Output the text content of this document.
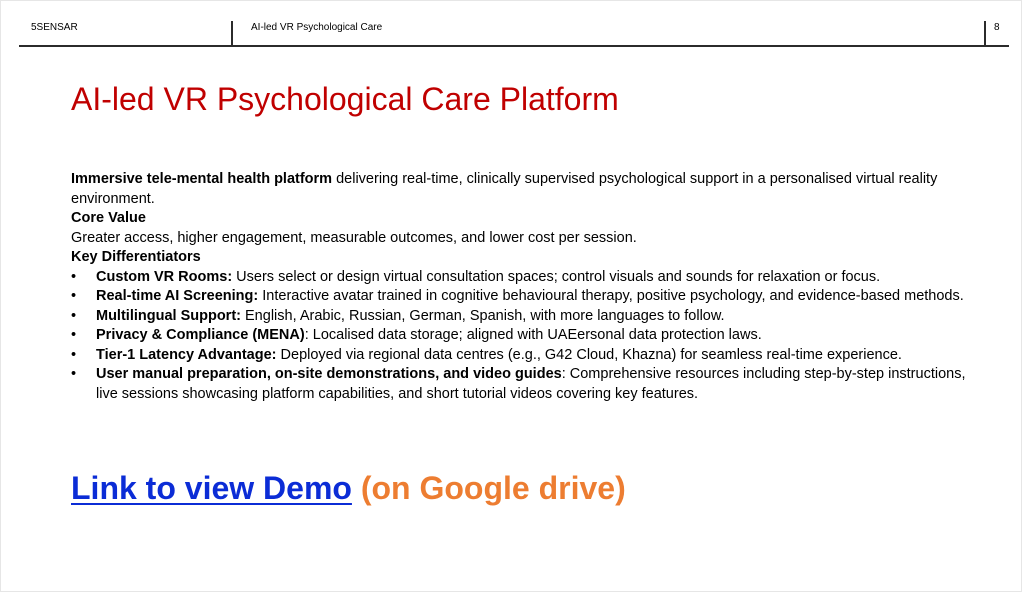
5SENSAR	AI-led VR Psychological Care	8
AI-led VR Psychological Care Platform

Immersive tele-mental health platform delivering real-time, clinically supervised psychological support in a personalised virtual reality environment.

Core Value

Greater access, higher engagement, measurable outcomes, and lower cost per session.

Key Differentiators

• Custom VR Rooms: Users select or design virtual consultation spaces; control visuals and sounds for relaxation or focus.
• Real-time AI Screening: Interactive avatar trained in cognitive behavioural therapy, positive psychology, and evidence-based methods.
• Multilingual Support: English, Arabic, Russian, German, Spanish, with more languages to follow.
• Privacy & Compliance (MENA): Localised data storage; aligned with UAEersonal data protection laws.
• Tier-1 Latency Advantage: Deployed via regional data centres (e.g., G42 Cloud, Khazna) for seamless real-time experience.
• User manual preparation, on-site demonstrations, and video guides: Comprehensive resources including step-by-step instructions, live sessions showcasing platform capabilities, and short tutorial videos covering key features.
Link to view Demo (on Google drive)
